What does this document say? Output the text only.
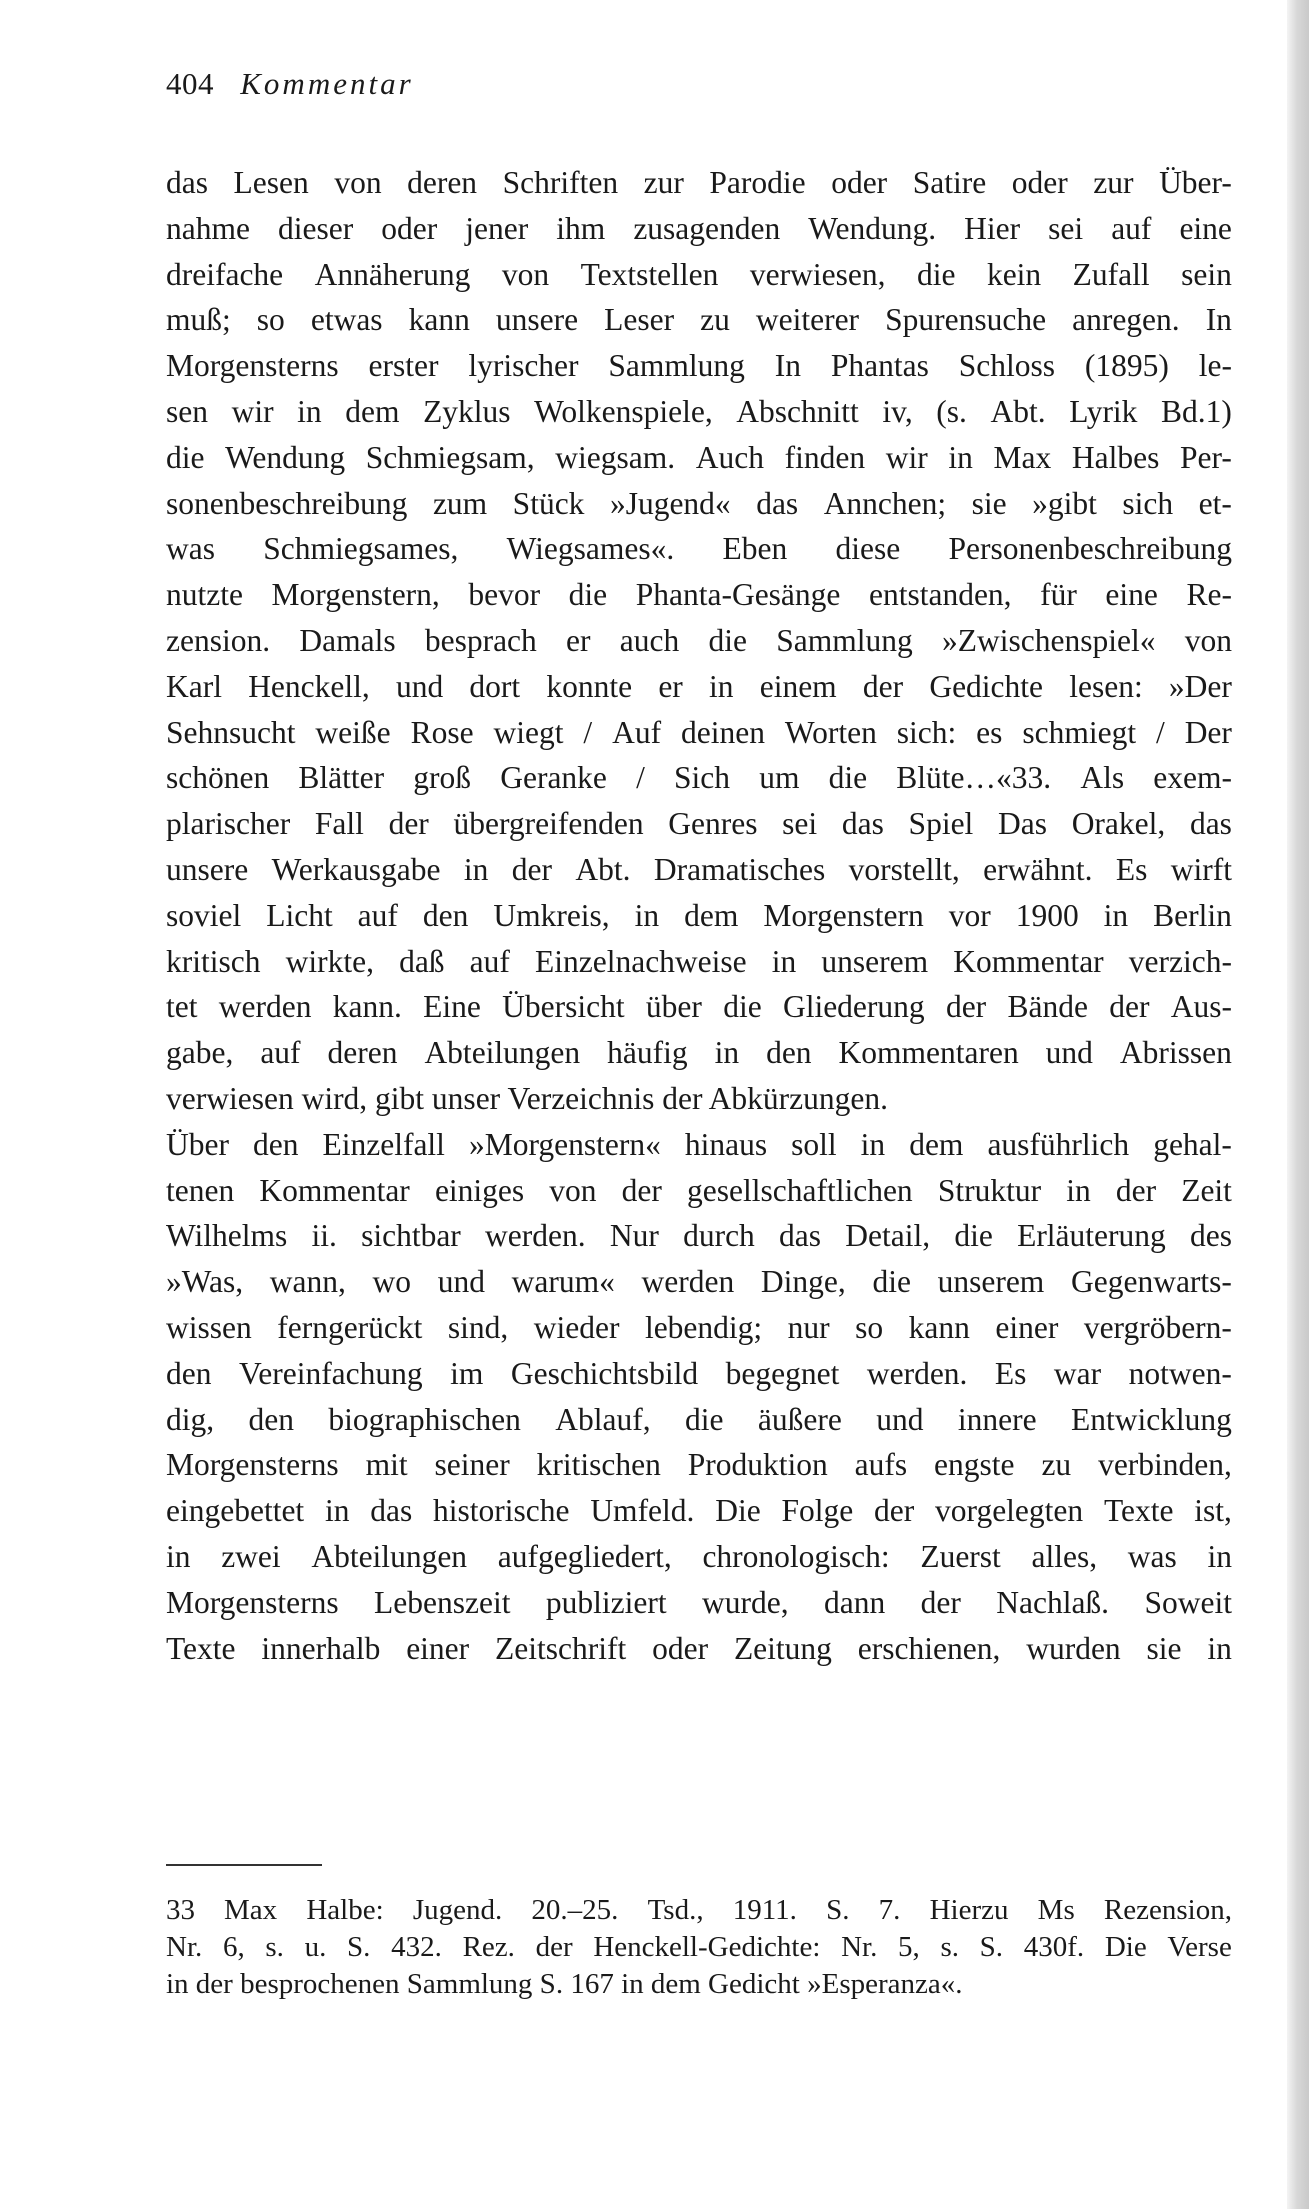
404 Kommentar
das Lesen von deren Schriften zur Parodie oder Satire oder zur Über-
nahme dieser oder jener ihm zusagenden Wendung. Hier sei auf eine
dreifache Annäherung von Textstellen verwiesen, die kein Zufall sein
muß; so etwas kann unsere Leser zu weiterer Spurensuche anregen. In
Morgensterns erster lyrischer Sammlung In Phantas Schloss (1895) le-
sen wir in dem Zyklus Wolkenspiele, Abschnitt iv, (s. Abt. Lyrik Bd.1)
die Wendung Schmiegsam, wiegsam. Auch finden wir in Max Halbes Per-
sonenbeschreibung zum Stück »Jugend« das Annchen; sie »gibt sich et-
was Schmiegsames, Wiegsames«. Eben diese Personenbeschreibung
nutzte Morgenstern, bevor die Phanta-Gesänge entstanden, für eine Re-
zension. Damals besprach er auch die Sammlung »Zwischenspiel« von
Karl Henckell, und dort konnte er in einem der Gedichte lesen: »Der
Sehnsucht weiße Rose wiegt / Auf deinen Worten sich: es schmiegt / Der
schönen Blätter groß Geranke / Sich um die Blüte…«33. Als exem-
plarischer Fall der übergreifenden Genres sei das Spiel Das Orakel, das
unsere Werkausgabe in der Abt. Dramatisches vorstellt, erwähnt. Es wirft
soviel Licht auf den Umkreis, in dem Morgenstern vor 1900 in Berlin
kritisch wirkte, daß auf Einzelnachweise in unserem Kommentar verzich-
tet werden kann. Eine Übersicht über die Gliederung der Bände der Aus-
gabe, auf deren Abteilungen häufig in den Kommentaren und Abrissen
verwiesen wird, gibt unser Verzeichnis der Abkürzungen.
Über den Einzelfall »Morgenstern« hinaus soll in dem ausführlich gehal-
tenen Kommentar einiges von der gesellschaftlichen Struktur in der Zeit
Wilhelms ii. sichtbar werden. Nur durch das Detail, die Erläuterung des
»Was, wann, wo und warum« werden Dinge, die unserem Gegenwarts-
wissen ferngerückt sind, wieder lebendig; nur so kann einer vergröbern-
den Vereinfachung im Geschichtsbild begegnet werden. Es war notwen-
dig, den biographischen Ablauf, die äußere und innere Entwicklung
Morgensterns mit seiner kritischen Produktion aufs engste zu verbinden,
eingebettet in das historische Umfeld. Die Folge der vorgelegten Texte ist,
in zwei Abteilungen aufgegliedert, chronologisch: Zuerst alles, was in
Morgensterns Lebenszeit publiziert wurde, dann der Nachlaß. Soweit
Texte innerhalb einer Zeitschrift oder Zeitung erschienen, wurden sie in
33 Max Halbe: Jugend. 20.–25. Tsd., 1911. S. 7. Hierzu Ms Rezension,
Nr. 6, s. u. S. 432. Rez. der Henckell-Gedichte: Nr. 5, s. S. 430f. Die Verse
in der besprochenen Sammlung S. 167 in dem Gedicht »Esperanza«.
